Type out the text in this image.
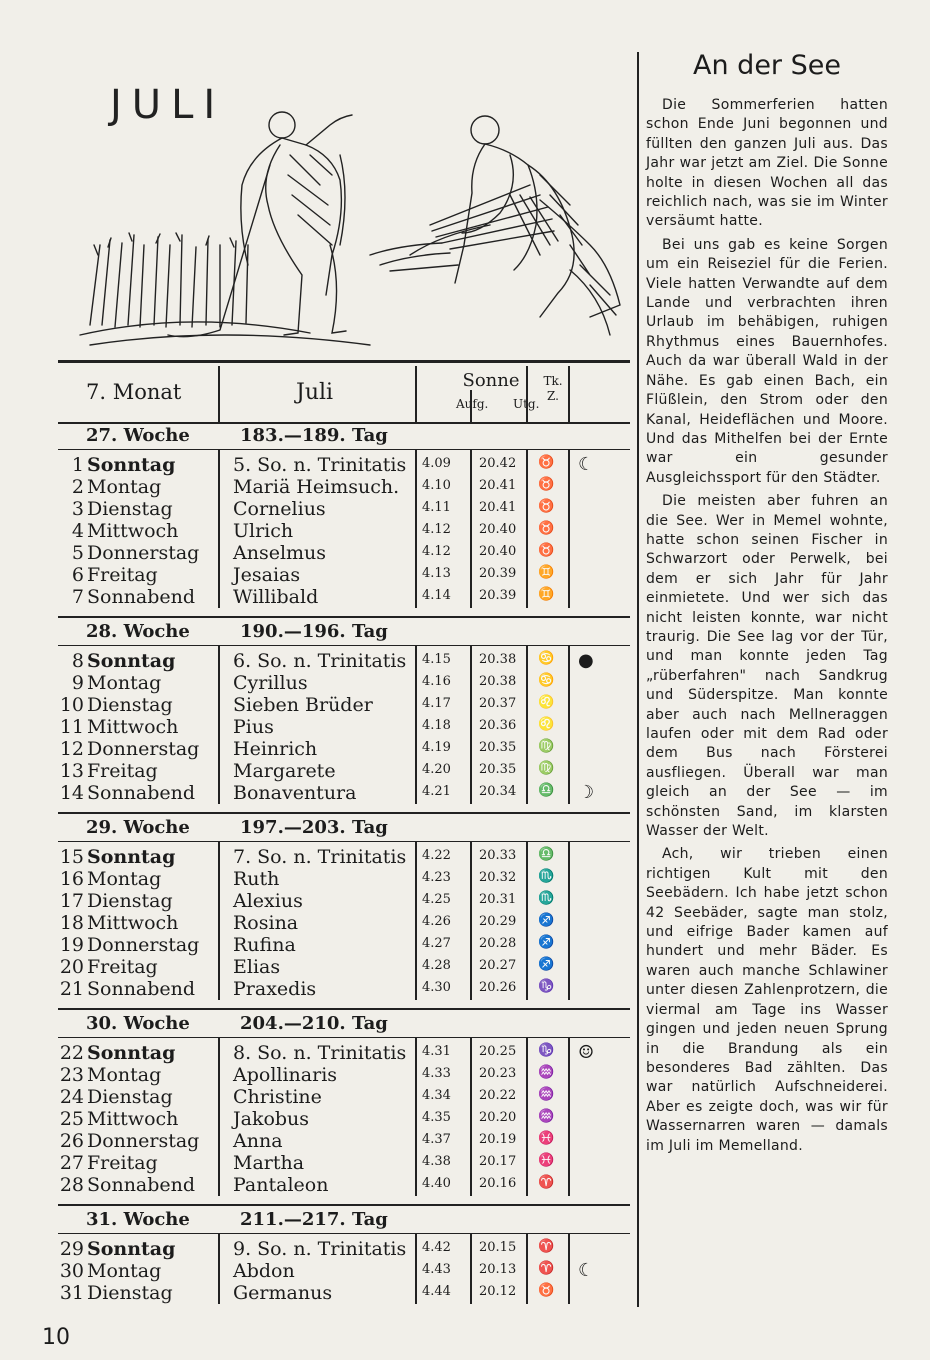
JULI
7. Monat	Juli	Sonne
Aufg. Utg.
Tk. Z.
27. Woche	183.—189. Tag
1 Sonntag	5. So. n. Trinitatis 4.09 20.42 ♉ ☾
2 Montag	Mariä Heimsuch. 4.10 20.41 ♉
3 Dienstag	Cornelius	4.11 20.41 ♉
4 Mittwoch	Ulrich	4.12 20.40 ♉
5 Donnerstag Anselmus	4.12 20.40 ♉
6 Freitag	Jesaias	4.13 20.39 ♊
7 Sonnabend Willibald	4.14 20.39 ♊
28. Woche	190.—196. Tag
8 Sonntag	6. So. n. Trinitatis 4.15 20.38 ♋ ●
9 Montag	Cyrillus	4.16 20.38 ♋
10 Dienstag	Sieben Brüder	4.17 20.37 ♌
11 Mittwoch	Pius	4.18 20.36 ♌
12 Donnerstag Heinrich	4.19 20.35 ♍
13 Freitag	Margarete	4.20 20.35 ♍
14 Sonnabend Bonaventura	4.21 20.34 ♎ ☽
29. Woche	197.—203. Tag
15 Sonntag	7. So. n. Trinitatis 4.22 20.33 ♎
16 Montag	Ruth	4.23 20.32 ♏
17 Dienstag	Alexius	4.25 20.31 ♏
18 Mittwoch	Rosina	4.26 20.29 ♐
19 Donnerstag Rufina	4.27 20.28 ♐
20 Freitag	Elias	4.28 20.27 ♐
21 Sonnabend Praxedis	4.30 20.26 ♑
30. Woche	204.—210. Tag
22 Sonntag	8. So. n. Trinitatis 4.31 20.25 ♑ ☺
23 Montag	Apollinaris	4.33 20.23 ♒
24 Dienstag	Christine	4.34 20.22 ♒
25 Mittwoch	Jakobus	4.35 20.20 ♒
26 Donnerstag Anna	4.37 20.19 ♓
27 Freitag	Martha	4.38 20.17 ♓
28 Sonnabend Pantaleon	4.40 20.16 ♈
31. Woche	211.—217. Tag
29 Sonntag	9. So. n. Trinitatis 4.42 20.15 ♈
30 Montag	Abdon	4.43 20.13 ♈ ☾
31 Dienstag	Germanus	4.44 20.12 ♉
An der See

Die Sommerferien hatten schon Ende Juni begonnen und füllten den ganzen Juli aus. Das Jahr war jetzt am Ziel. Die Sonne holte in diesen Wochen all das reichlich nach, was sie im Winter versäumt hatte.

Bei uns gab es keine Sorgen um ein Reiseziel für die Ferien. Viele hatten Verwandte auf dem Lande und verbrachten ihren Urlaub im behäbigen, ruhigen Rhythmus eines Bauernhofes. Auch da war überall Wald in der Nähe. Es gab einen Bach, ein Flüßlein, den Strom oder den Kanal, Heideflächen und Moore. Und das Mithelfen bei der Ernte war ein gesunder Ausgleichssport für den Städter.

Die meisten aber fuhren an die See. Wer in Memel wohnte, hatte schon seinen Fischer in Schwarzort oder Perwelk, bei dem er sich Jahr für Jahr einmietete. Und wer sich das nicht leisten konnte, war nicht traurig. Die See lag vor der Tür, und man konnte jeden Tag „rüberfahren" nach Sandkrug und Süderspitze. Man konnte aber auch nach Mellneraggen laufen oder mit dem Rad oder dem Bus nach Försterei ausfliegen. Überall war man gleich an der See — im schönsten Sand, im klarsten Wasser der Welt.

Ach, wir trieben einen richtigen Kult mit den Seebädern. Ich habe jetzt schon 42 Seebäder, sagte man stolz, und eifrige Bader kamen auf hundert und mehr Bäder. Es waren auch manche Schlawiner unter diesen Zahlenprotzern, die viermal am Tage ins Wasser gingen und jeden neuen Sprung in die Brandung als ein besonderes Bad zählten. Das war natürlich Aufschneiderei. Aber es zeigte doch, was wir für Wassernarren waren — damals im Juli im Memelland.

10
